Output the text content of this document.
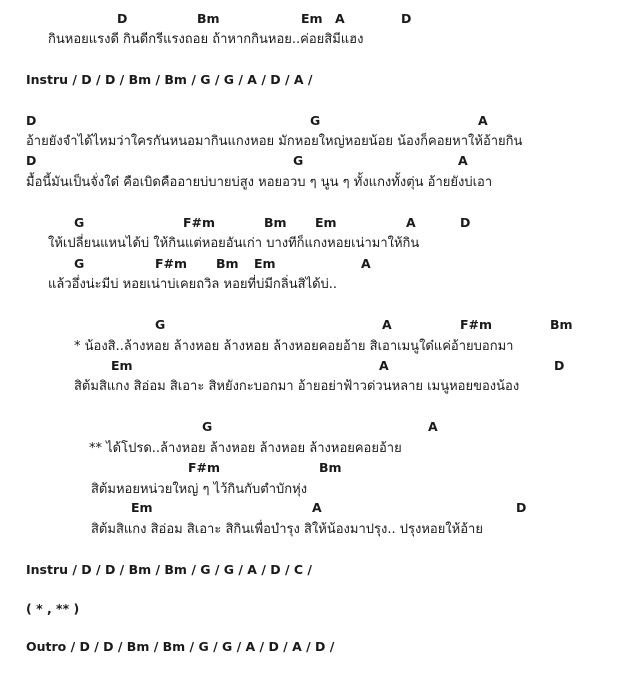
D	Bm	Em A	D
กินหอยแรงดี กินดีกรีแรงถอย ถ้าหากกินหอย..ค่อยสิมีแฮง
Instru / D / D / Bm / Bm / G / G / A / D / A /
D	G	A
อ้ายยังจำได้ไหมว่าใครกันหนอมากินแกงหอย มักหอยใหญ่หอยน้อย น้องก็คอยหาให้อ้ายกิน
D	G	A
มื้อนี้มันเป็นจั่งใด๋ คือเบิดคืออายบ่บายบ่สูง หอยอวบ ๆ นูน ๆ ทั้งแกงทั้งตุ่น อ้ายยังบ่เอา
G	F#m	Bm Em	A	D
ให้เปลี่ยนแหนได้บ่ ให้กินแต่หอยอันเก่า บางทีก็แกงหอยเน่ามาให้กิน
G	F#m Bm Em	A
แล้วอึ่งน่ะมีบ่ หอยเน่าบ่เคยถวิล หอยที่บ่มีกลิ่นสิได้บ่..
G	A	F#m	Bm
* น้องสิ..ล้างหอย ล้างหอย ล้างหอย ล้างหอยคอยอ้าย สิเอาเมนูใด๋แค่อ้ายบอกมา
Em	A	D
สิต้มสิแกง สิอ่อม สิเอาะ สิหยังกะบอกมา อ้ายอย่าฟ้าวด่วนหลาย เมนูหอยของน้อง
G	A
** ได้โปรด..ล้างหอย ล้างหอย ล้างหอย ล้างหอยคอยอ้าย
F#m	Bm
สิต้มหอยหน่วยใหญ่ ๆ ไว้กินกับตำบักหุ่ง
Em	A	D
สิต้มสิแกง สิอ่อม สิเอาะ สิกินเพื่อบำรุง สิให้น้องมาปรุง.. ปรุงหอยให้อ้าย
Instru / D / D / Bm / Bm / G / G / A / D / C /
( * , ** )
Outro / D / D / Bm / Bm / G / G / A / D / A / D /
